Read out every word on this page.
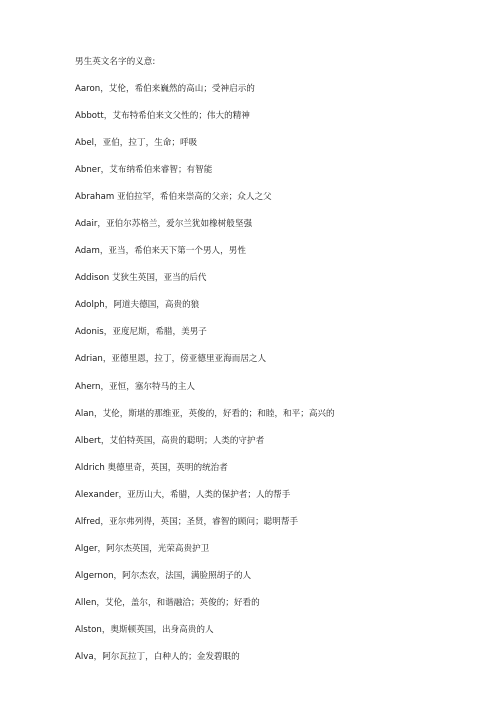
男生英文名字的义意:

Aaron，艾伦，希伯来巍然的高山；受神启示的
Abbott，艾布特希伯来文父性的；伟大的精神
Abel，亚伯，拉丁，生命；呼吸
Abner，艾布纳希伯来睿智；有智能
Abraham 亚伯拉罕，希伯来崇高的父亲；众人之父
Adair，亚伯尔苏格兰，爱尔兰犹如橡树般坚强
Adam，亚当，希伯来天下第一个男人，男性
Addison 艾狄生英国，亚当的后代
Adolph，阿道夫德国，高贵的狼
Adonis，亚度尼斯，希腊，美男子
Adrian，亚德里恩，拉丁，傍亚德里亚海而居之人
Ahern，亚恒，塞尔特马的主人
Alan，艾伦，斯堪的那维亚，英俊的，好看的；和睦，和平；高兴的
Albert，艾伯特英国，高贵的聪明；人类的守护者
Aldrich 奥德里奇，英国，英明的统治者
Alexander，亚历山大，希腊，人类的保护者；人的帮手
Alfred，亚尔弗列得，英国；圣贤，睿智的顾问；聪明帮手
Alger，阿尔杰英国，光荣高贵护卫
Algernon，阿尔杰农，法国，满脸照胡子的人
Allen，艾伦，盖尔，和谐融洽；英俊的；好看的
Alston，奥斯顿英国，出身高贵的人
Alva，阿尔瓦拉丁，白种人的；金发碧眼的
